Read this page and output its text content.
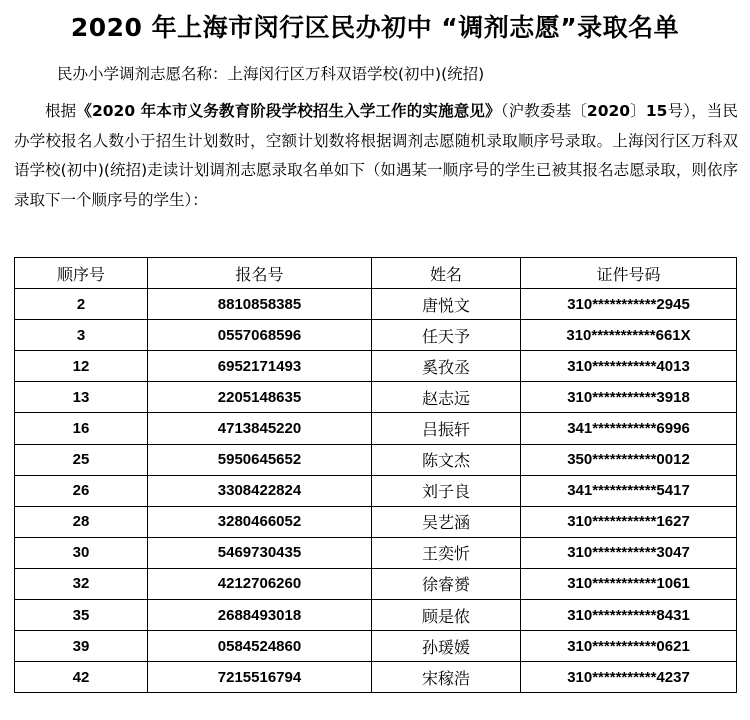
2020 年上海市闵行区民办初中 “调剂志愿”录取名单
民办小学调剂志愿名称：上海闵行区万科双语学校(初中)(统招)
根据《2020 年本市义务教育阶段学校招生入学工作的实施意见》（沪教委基〔2020〕15号），当民办学校报名人数小于招生计划数时，空额计划数将根据调剂志愿随机录取顺序号录取。上海闵行区万科双语学校(初中)(统招)走读计划调剂志愿录取名单如下（如遇某一顺序号的学生已被其报名志愿录取，则依序录取下一个顺序号的学生）：
顺序号	报名号	姓名	证件号码
2	8810858385	唐悦文	310***********2945
3	0557068596	任天予	310***********661X
12	6952171493	奚孜丞	310***********4013
13	2205148635	赵志远	310***********3918
16	4713845220	吕振轩	341***********6996
25	5950645652	陈文杰	350***********0012
26	3308422824	刘子良	341***********5417
28	3280466052	吴艺涵	310***********1627
30	5469730435	王奕忻	310***********3047
32	4212706260	徐睿赟	310***********1061
35	2688493018	顾是侬	310***********8431
39	0584524860	孙瑗媛	310***********0621
42	7215516794	宋稼浩	310***********4237
